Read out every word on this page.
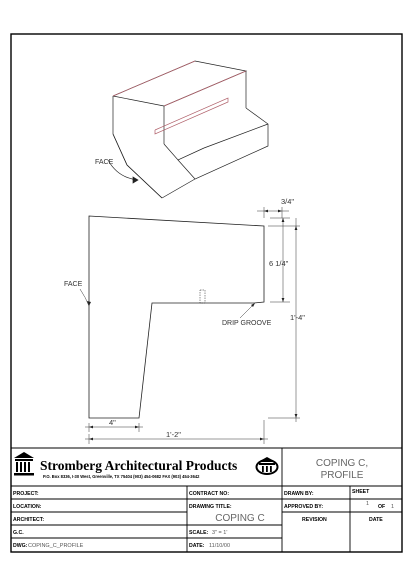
FACE
3/4"
6 1/4"
1'-4"
4"
1'-2"
FACE
DRIP GROOVE
Stromberg Architectural Products
P.O. Box 8336, I-30 West, Greenville, TX 75404 (903) 454-0682 FAX (903) 454-3642
COPING C,
PROFILE
PROJECT:
LOCATION:
ARCHITECT:
G.C.
DWG: COPING_C_PROFILE
CONTRACT NO:
DRAWING TITLE:
COPING C
SCALE: 3" = 1'
DATE: 11/10/00
DRAWN BY:
APPROVED BY:
REVISION
SHEET
1 OF 1
DATE
